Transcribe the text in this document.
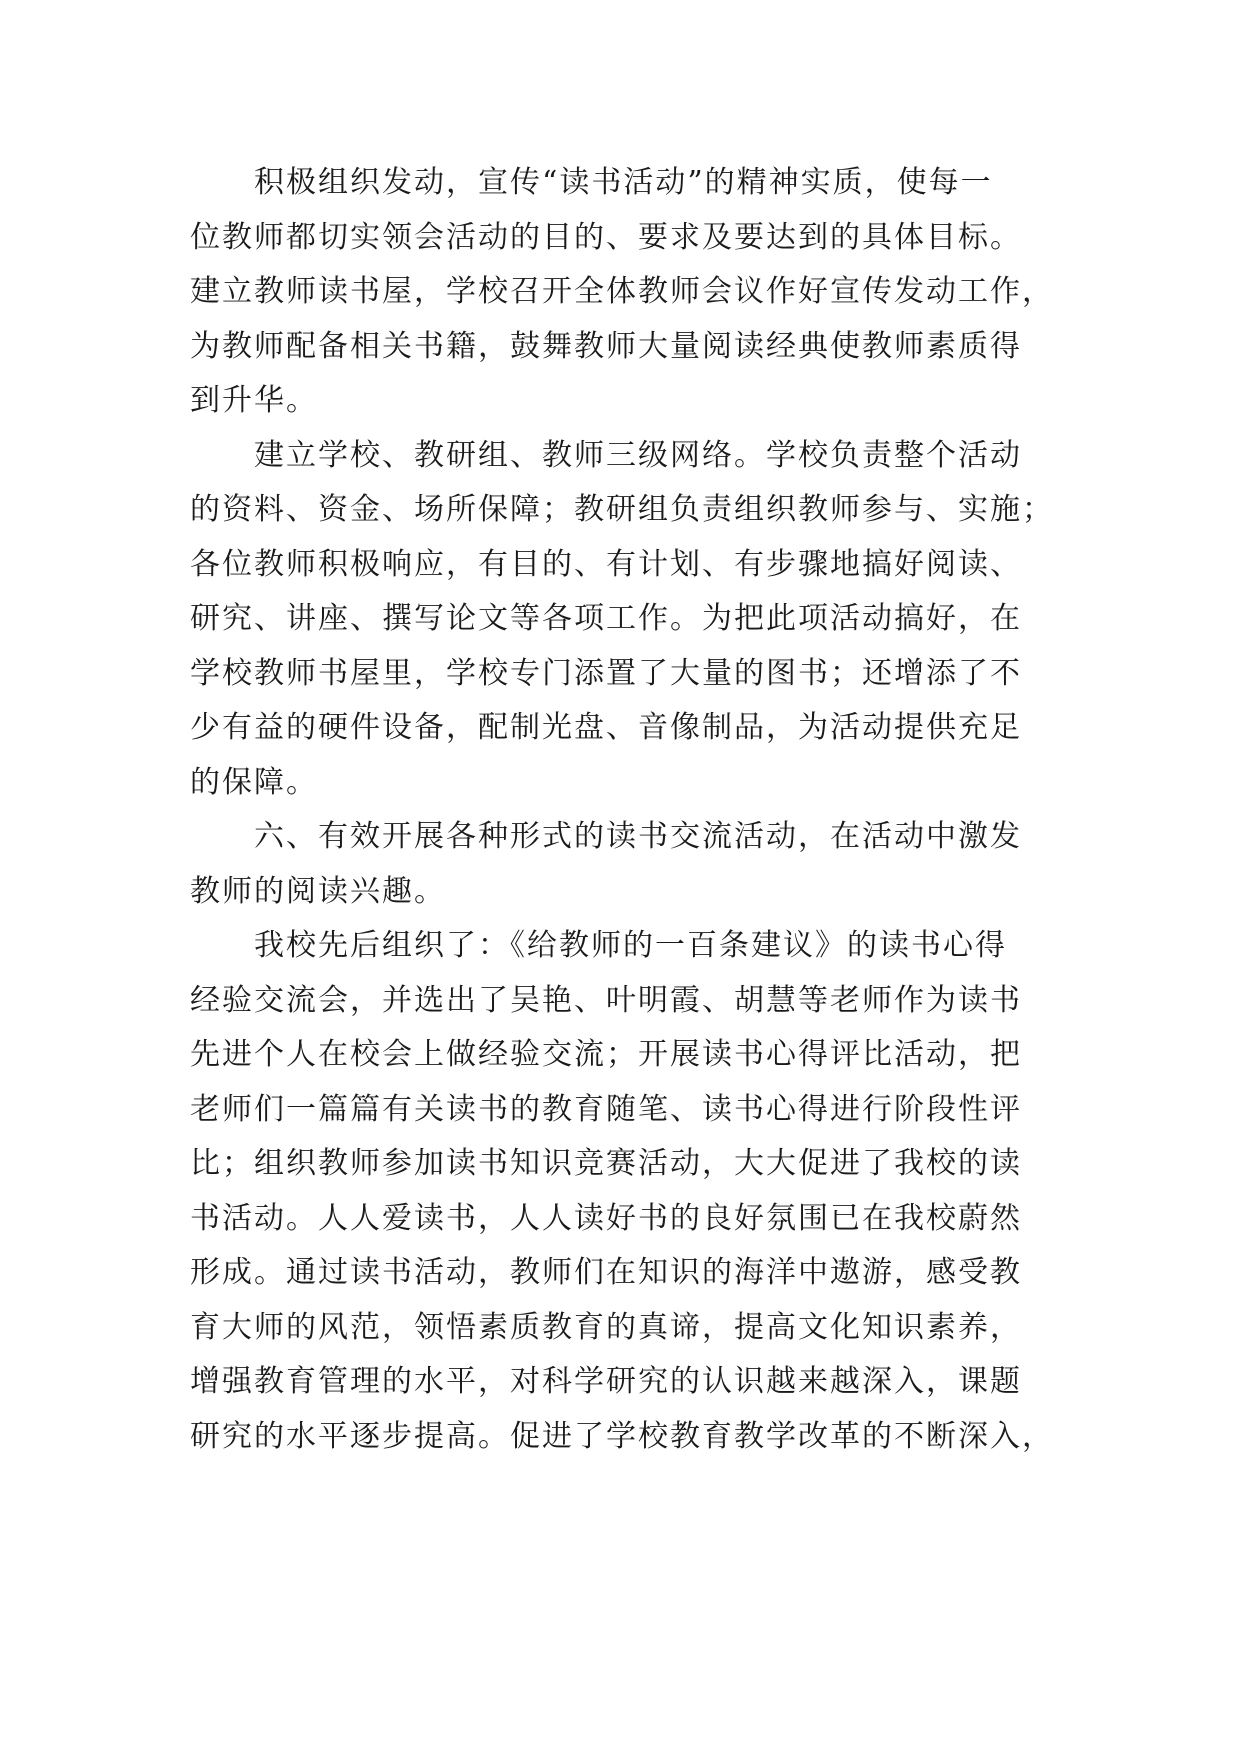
积极组织发动，宣传“读书活动”的精神实质，使每一
位教师都切实领会活动的目的、要求及要达到的具体目标。
建立教师读书屋，学校召开全体教师会议作好宣传发动工作，
为教师配备相关书籍，鼓舞教师大量阅读经典使教师素质得
到升华。
建立学校、教研组、教师三级网络。学校负责整个活动
的资料、资金、场所保障；教研组负责组织教师参与、实施；
各位教师积极响应，有目的、有计划、有步骤地搞好阅读、
研究、讲座、撰写论文等各项工作。为把此项活动搞好，在
学校教师书屋里，学校专门添置了大量的图书；还增添了不
少有益的硬件设备，配制光盘、音像制品，为活动提供充足
的保障。
六、有效开展各种形式的读书交流活动，在活动中激发
教师的阅读兴趣。
我校先后组织了：《给教师的一百条建议》的读书心得
经验交流会，并选出了吴艳、叶明霞、胡慧等老师作为读书
先进个人在校会上做经验交流；开展读书心得评比活动，把
老师们一篇篇有关读书的教育随笔、读书心得进行阶段性评
比；组织教师参加读书知识竞赛活动，大大促进了我校的读
书活动。人人爱读书，人人读好书的良好氛围已在我校蔚然
形成。通过读书活动，教师们在知识的海洋中遨游，感受教
育大师的风范，领悟素质教育的真谛，提高文化知识素养，
增强教育管理的水平，对科学研究的认识越来越深入，课题
研究的水平逐步提高。促进了学校教育教学改革的不断深入，
